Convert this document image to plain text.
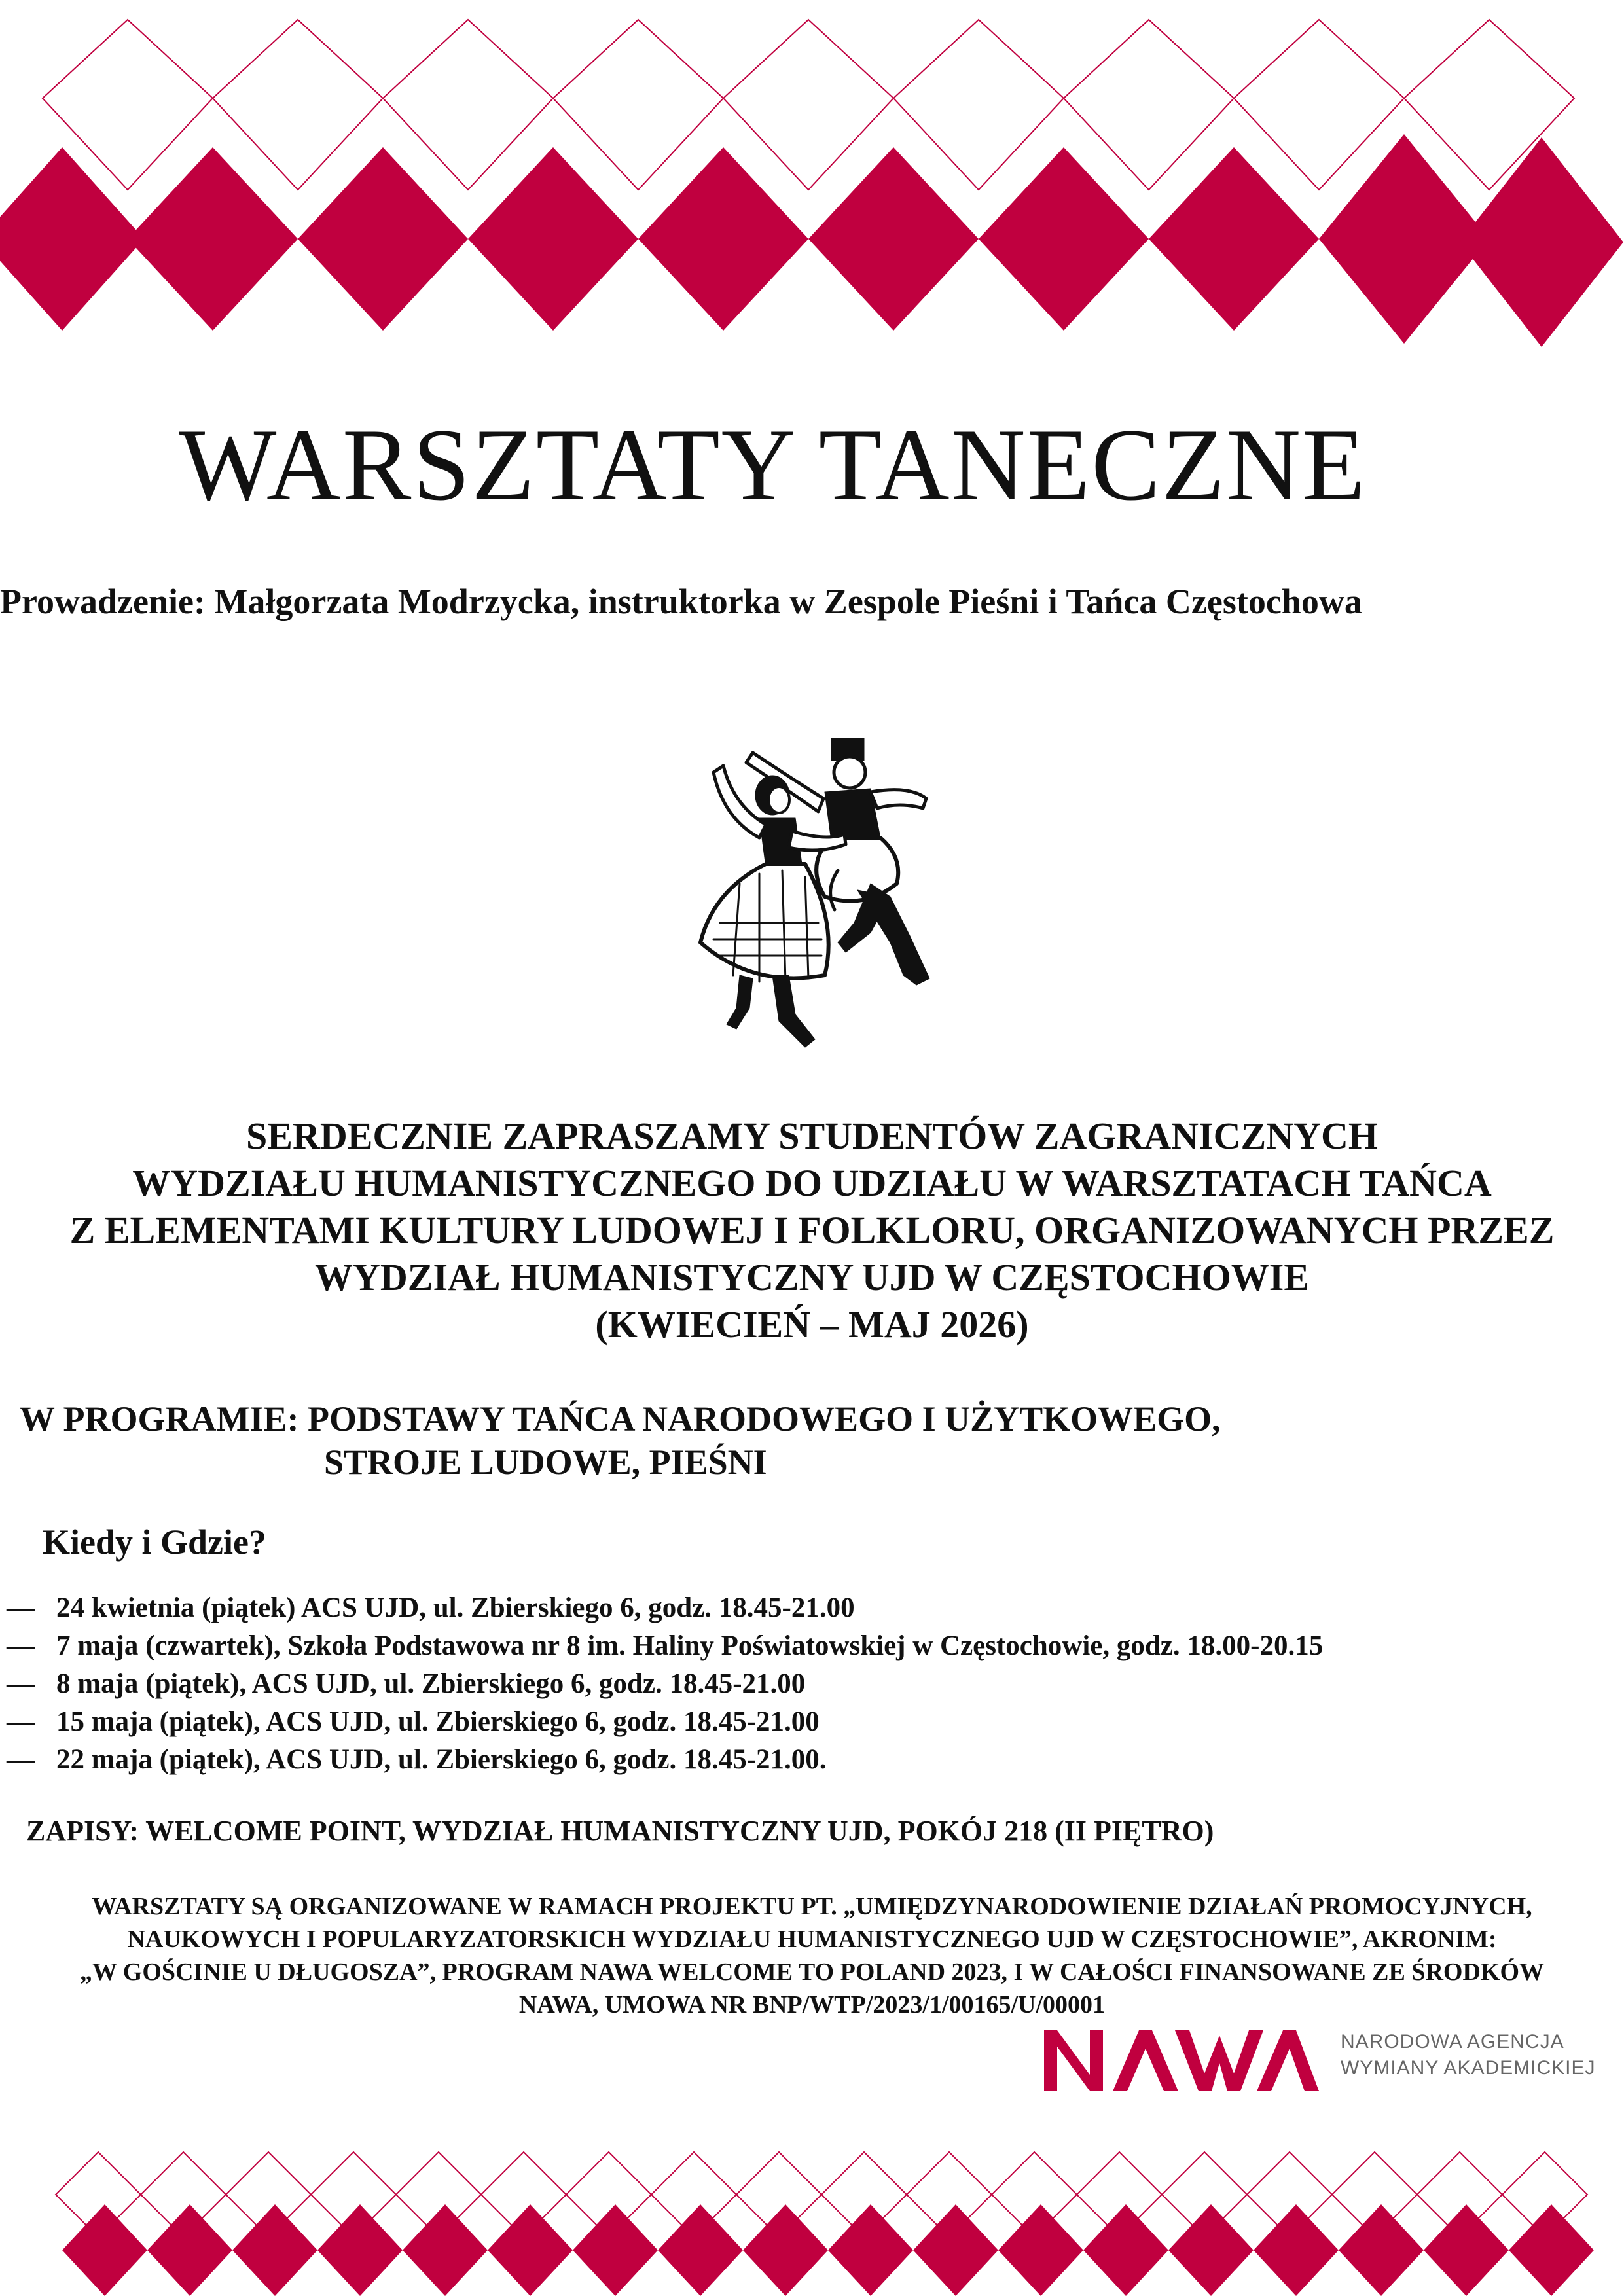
WARSZTATY TANECZNE
Prowadzenie: Małgorzata Modrzycka, instruktorka w Zespole Pieśni i Tańca Częstochowa
SERDECZNIE ZAPRASZAMY STUDENTÓW ZAGRANICZNYCH
WYDZIAŁU HUMANISTYCZNEGO DO UDZIAŁU W WARSZTATACH TAŃCA
Z ELEMENTAMI KULTURY LUDOWEJ I FOLKLORU, ORGANIZOWANYCH PRZEZ
WYDZIAŁ HUMANISTYCZNY UJD W CZĘSTOCHOWIE
(KWIECIEŃ – MAJ 2026)
W PROGRAMIE: PODSTAWY TAŃCA NARODOWEGO I UŻYTKOWEGO,
STROJE LUDOWE, PIEŚNI
Kiedy i Gdzie?
— 24 kwietnia (piątek) ACS UJD, ul. Zbierskiego 6, godz. 18.45-21.00
— 7 maja (czwartek), Szkoła Podstawowa nr 8 im. Haliny Poświatowskiej w Częstochowie, godz. 18.00-20.15
— 8 maja (piątek), ACS UJD, ul. Zbierskiego 6, godz. 18.45-21.00
— 15 maja (piątek), ACS UJD, ul. Zbierskiego 6, godz. 18.45-21.00
— 22 maja (piątek), ACS UJD, ul. Zbierskiego 6, godz. 18.45-21.00.
ZAPISY: WELCOME POINT, WYDZIAŁ HUMANISTYCZNY UJD, POKÓJ 218 (II PIĘTRO)
WARSZTATY SĄ ORGANIZOWANE W RAMACH PROJEKTU PT. „UMIĘDZYNARODOWIENIE DZIAŁAŃ PROMOCYJNYCH,
NAUKOWYCH I POPULARYZATORSKICH WYDZIAŁU HUMANISTYCZNEGO UJD W CZĘSTOCHOWIE”, AKRONIM:
„W GOŚCINIE U DŁUGOSZA”, PROGRAM NAWA WELCOME TO POLAND 2023, I W CAŁOŚCI FINANSOWANE ZE ŚRODKÓW
NAWA, UMOWA NR BNP/WTP/2023/1/00165/U/00001
NARODOWA AGENCJA
WYMIANY AKADEMICKIEJ
